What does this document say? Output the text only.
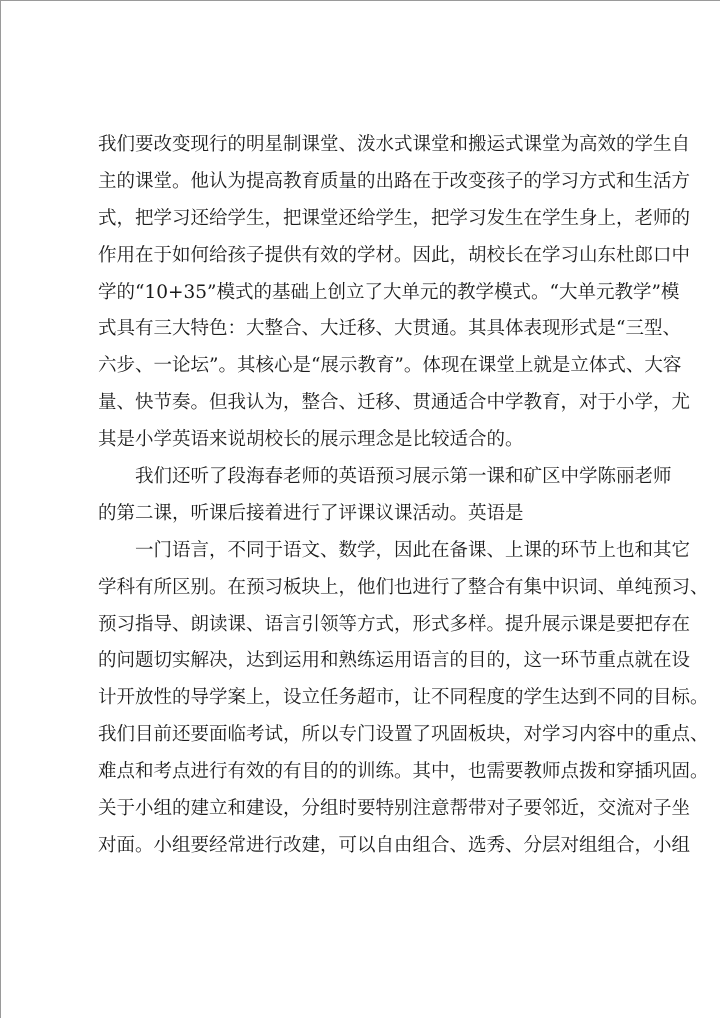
我们要改变现行的明星制课堂、泼水式课堂和搬运式课堂为高效的学生自
主的课堂。他认为提高教育质量的出路在于改变孩子的学习方式和生活方
式，把学习还给学生，把课堂还给学生，把学习发生在学生身上，老师的
作用在于如何给孩子提供有效的学材。因此，胡校长在学习山东杜郎口中
学的“10+35”模式的基础上创立了大单元的教学模式。“大单元教学”模
式具有三大特色：大整合、大迁移、大贯通。其具体表现形式是“三型、
六步、一论坛”。其核心是“展示教育”。体现在课堂上就是立体式、大容
量、快节奏。但我认为，整合、迁移、贯通适合中学教育，对于小学，尤
其是小学英语来说胡校长的展示理念是比较适合的。
我们还听了段海春老师的英语预习展示第一课和矿区中学陈丽老师
的第二课，听课后接着进行了评课议课活动。英语是
一门语言，不同于语文、数学，因此在备课、上课的环节上也和其它
学科有所区别。在预习板块上，他们也进行了整合有集中识词、单纯预习、
预习指导、朗读课、语言引领等方式，形式多样。提升展示课是要把存在
的问题切实解决，达到运用和熟练运用语言的目的，这一环节重点就在设
计开放性的导学案上，设立任务超市，让不同程度的学生达到不同的目标。
我们目前还要面临考试，所以专门设置了巩固板块，对学习内容中的重点、
难点和考点进行有效的有目的的训练。其中，也需要教师点拨和穿插巩固。
关于小组的建立和建设，分组时要特别注意帮带对子要邻近，交流对子坐
对面。小组要经常进行改建，可以自由组合、选秀、分层对组组合，小组
